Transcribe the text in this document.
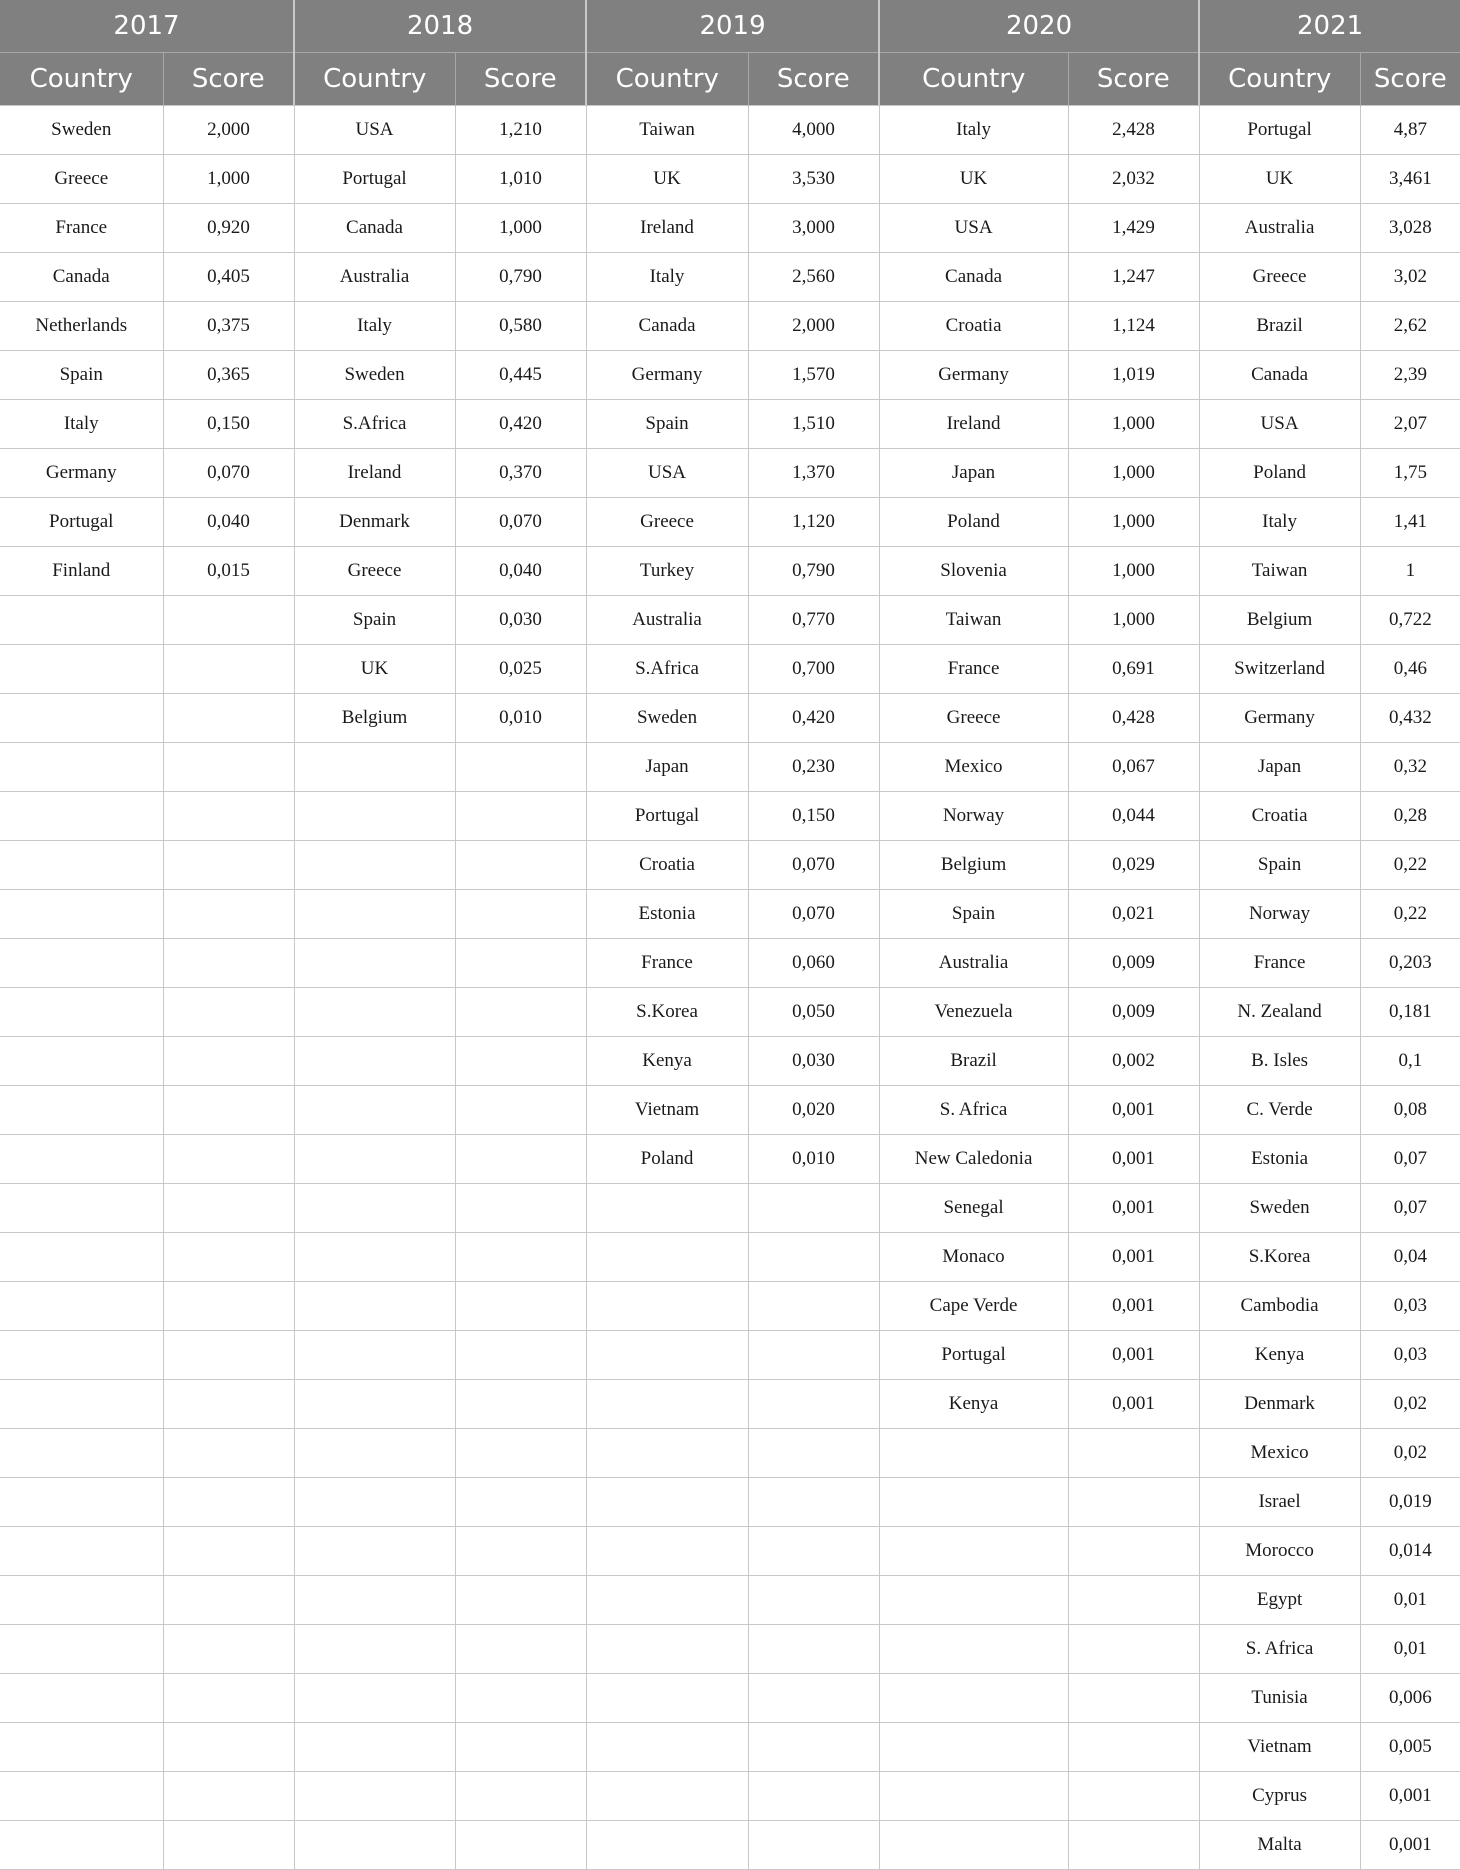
2017		2018		2019		2020		2021	
Country	Score	Country	Score	Country	Score	Country	Score	Country	Score
Sweden	2,000	USA	1,210	Taiwan	4,000	Italy	2,428	Portugal	4,87
Greece	1,000	Portugal	1,010	UK	3,530	UK	2,032	UK	3,461
France	0,920	Canada	1,000	Ireland	3,000	USA	1,429	Australia	3,028
Canada	0,405	Australia	0,790	Italy	2,560	Canada	1,247	Greece	3,02
Netherlands	0,375	Italy	0,580	Canada	2,000	Croatia	1,124	Brazil	2,62
Spain	0,365	Sweden	0,445	Germany	1,570	Germany	1,019	Canada	2,39
Italy	0,150	S.Africa	0,420	Spain	1,510	Ireland	1,000	USA	2,07
Germany	0,070	Ireland	0,370	USA	1,370	Japan	1,000	Poland	1,75
Portugal	0,040	Denmark	0,070	Greece	1,120	Poland	1,000	Italy	1,41
Finland	0,015	Greece	0,040	Turkey	0,790	Slovenia	1,000	Taiwan	1
		Spain	0,030	Australia	0,770	Taiwan	1,000	Belgium	0,722
		UK	0,025	S.Africa	0,700	France	0,691	Switzerland	0,46
		Belgium	0,010	Sweden	0,420	Greece	0,428	Germany	0,432
				Japan	0,230	Mexico	0,067	Japan	0,32
				Portugal	0,150	Norway	0,044	Croatia	0,28
				Croatia	0,070	Belgium	0,029	Spain	0,22
				Estonia	0,070	Spain	0,021	Norway	0,22
				France	0,060	Australia	0,009	France	0,203
				S.Korea	0,050	Venezuela	0,009	N. Zealand	0,181
				Kenya	0,030	Brazil	0,002	B. Isles	0,1
				Vietnam	0,020	S. Africa	0,001	C. Verde	0,08
				Poland	0,010	New Caledonia	0,001	Estonia	0,07
						Senegal	0,001	Sweden	0,07
						Monaco	0,001	S.Korea	0,04
						Cape Verde	0,001	Cambodia	0,03
						Portugal	0,001	Kenya	0,03
						Kenya	0,001	Denmark	0,02
								Mexico	0,02
								Israel	0,019
								Morocco	0,014
								Egypt	0,01
								S. Africa	0,01
								Tunisia	0,006
								Vietnam	0,005
								Cyprus	0,001
								Malta	0,001
